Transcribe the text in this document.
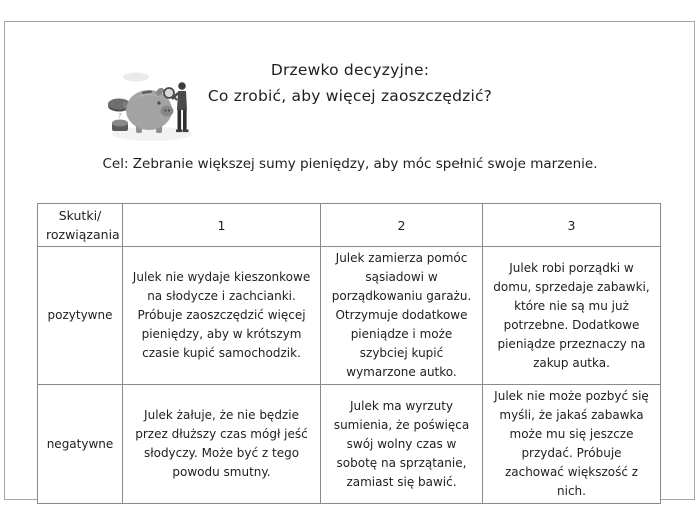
Drzewko decyzyjne:
Co zrobić, aby więcej zaoszczędzić?
?
Cel: Zebranie większej sumy pieniędzy, aby móc spełnić swoje marzenie.
Skutki/
rozwiązania	1	2	3
pozytywne	Julek nie wydaje kieszonkowe na słodycze i zachcianki. Próbuje zaoszczędzić więcej pieniędzy, aby w krótszym czasie kupić samochodzik.	Julek zamierza pomóc sąsiadowi w porządkowaniu garażu. Otrzymuje dodatkowe pieniądze i może szybciej kupić wymarzone autko.	Julek robi porządki w domu, sprzedaje zabawki, które nie są mu już potrzebne. Dodatkowe pieniądze przeznaczy na zakup autka.
negatywne	Julek żałuje, że nie będzie przez dłuższy czas mógł jeść słodyczy. Może być z tego powodu smutny.	Julek ma wyrzuty sumienia, że poświęca swój wolny czas w sobotę na sprzątanie, zamiast się bawić.	Julek nie może pozbyć się myśli, że jakaś zabawka może mu się jeszcze przydać. Próbuje zachować większość z nich.
